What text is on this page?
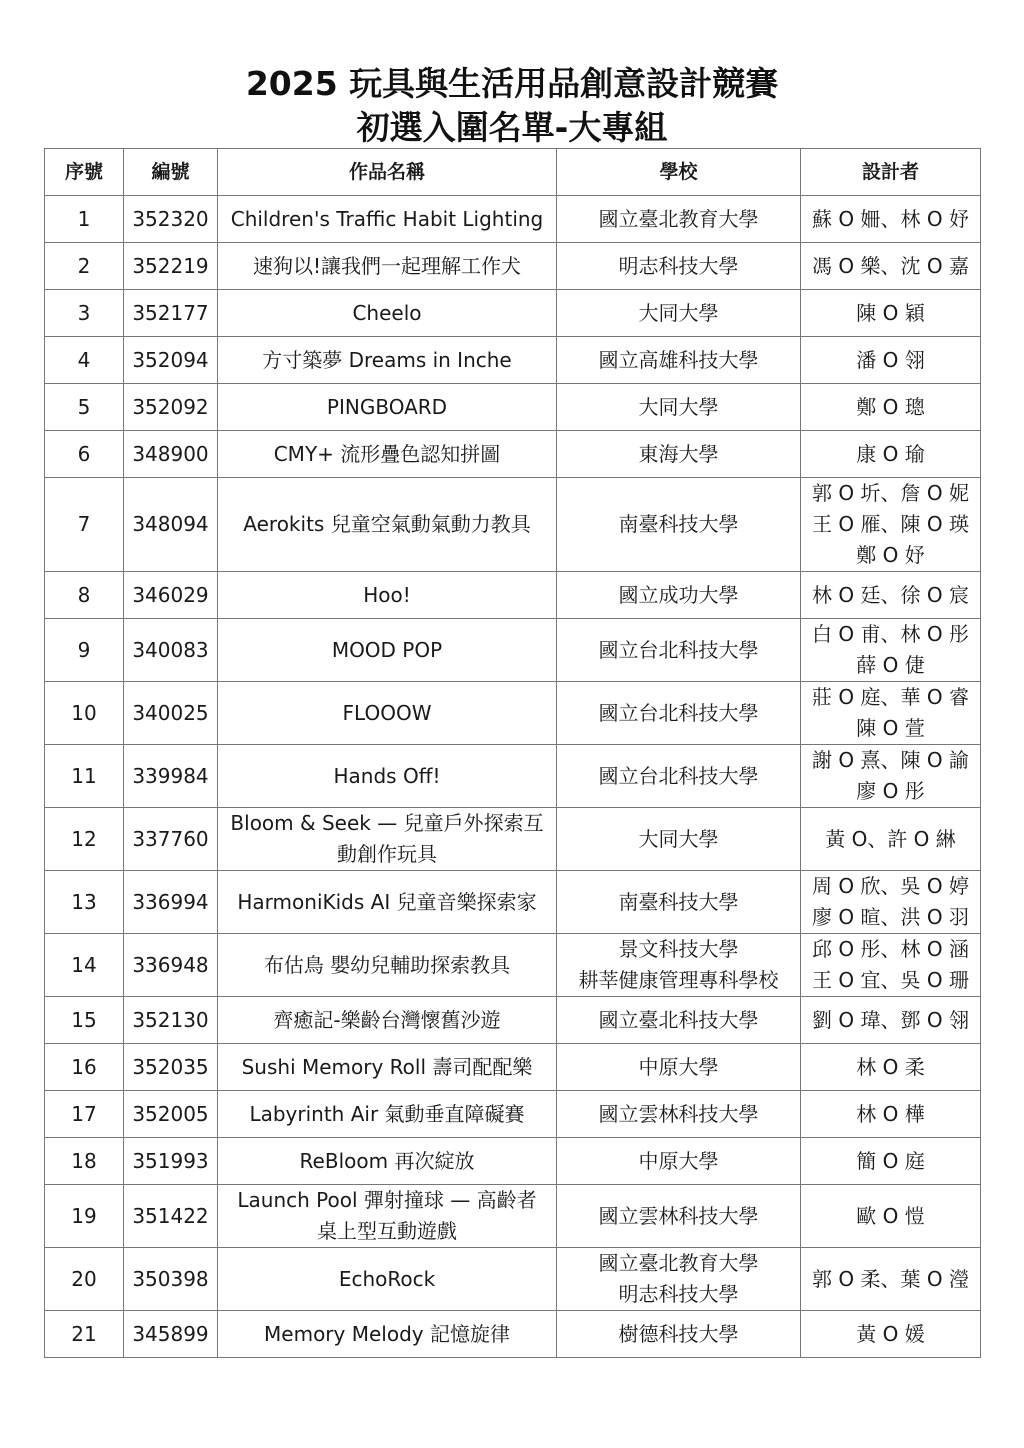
2025 玩具與生活用品創意設計競賽
初選入圍名單-大專組
序號	編號	作品名稱	學校	設計者
1	352320	Children's Traffic Habit Lighting	國立臺北教育大學	蘇 O 姍、林 O 妤

2	352219	速狗以!讓我們一起理解工作犬	明志科技大學	馮 O 樂、沈 O 嘉

3	352177	Cheelo	大同大學	陳 O 穎

4	352094	方寸築夢 Dreams in Inche	國立高雄科技大學	潘 O 翎

5	352092	PINGBOARD	大同大學	鄭 O 璁

6	348900	CMY+ 流形疊色認知拼圖	東海大學	康 O 瑜

7	348094	Aerokits 兒童空氣動氣動力教具	南臺科技大學	郭 O 圻、詹 O 妮
王 O 雁、陳 O 瑛
鄭 O 妤

8	346029	Hoo!	國立成功大學	林 O 廷、徐 O 宸

9	340083	MOOD POP	國立台北科技大學	白 O 甫、林 O 彤
薛 O 倢

10	340025	FLOOOW	國立台北科技大學	莊 O 庭、華 O 睿
陳 O 萱

11	339984	Hands Off!	國立台北科技大學	謝 O 熹、陳 O 諭
廖 O 彤

12	337760	Bloom & Seek — 兒童戶外探索互
動創作玩具	大同大學	黃 O、許 O 綝

13	336994	HarmoniKids AI 兒童音樂探索家	南臺科技大學	周 O 欣、吳 O 婷
廖 O 暄、洪 O 羽

14	336948	布估鳥 嬰幼兒輔助探索教具	景文科技大學
耕莘健康管理專科學校	邱 O 彤、林 O 涵
王 O 宜、吳 O 珊

15	352130	齊癒記-樂齡台灣懷舊沙遊	國立臺北科技大學	劉 O 瑋、鄧 O 翎

16	352035	Sushi Memory Roll 壽司配配樂	中原大學	林 O 柔

17	352005	Labyrinth Air 氣動垂直障礙賽	國立雲林科技大學	林 O 樺

18	351993	ReBloom 再次綻放	中原大學	簡 O 庭

19	351422	Launch Pool 彈射撞球 — 高齡者
桌上型互動遊戲	國立雲林科技大學	歐 O 愷

20	350398	EchoRock	國立臺北教育大學
明志科技大學	郭 O 柔、葉 O 瀅

21	345899	Memory Melody 記憶旋律	樹德科技大學	黃 O 媛
